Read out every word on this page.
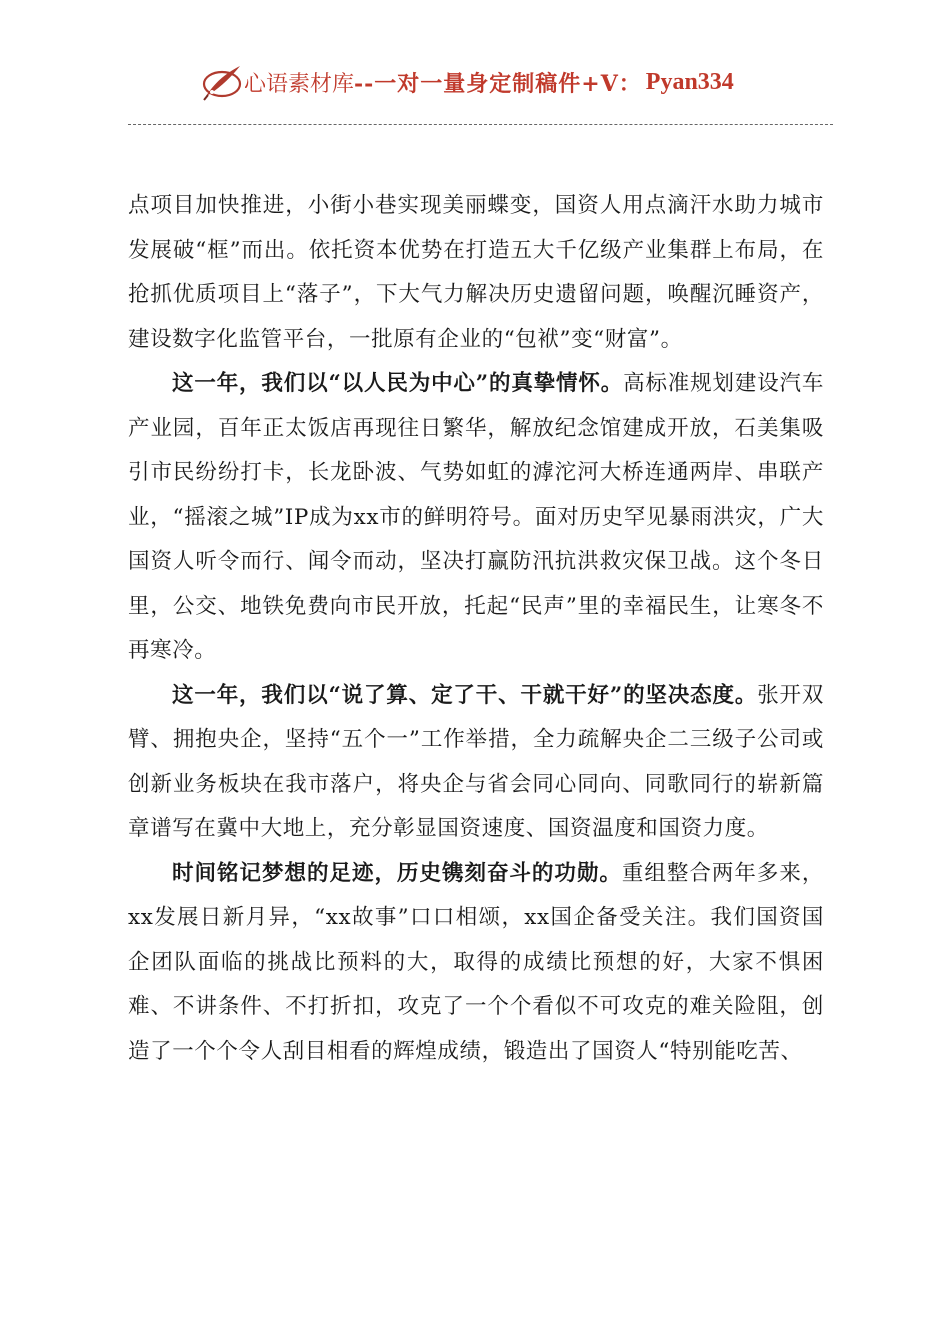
心语素材库 --一对一量身定制稿件+V： Pyan334

点项目加快推进，小街小巷实现美丽蝶变，国资人用点滴汗水助力城市发展破“框”而出。依托资本优势在打造五大千亿级产业集群上布局，在抢抓优质项目上“落子”，下大气力解决历史遗留问题，唤醒沉睡资产，建设数字化监管平台，一批原有企业的“包袱”变“财富”。

这一年，我们以“以人民为中心”的真挚情怀。高标准规划建设汽车产业园，百年正太饭店再现往日繁华，解放纪念馆建成开放，石美集吸引市民纷纷打卡，长龙卧波、气势如虹的滹沱河大桥连通两岸、串联产业，“摇滚之城”IP成为xx市的鲜明符号。面对历史罕见暴雨洪灾，广大国资人听令而行、闻令而动，坚决打赢防汛抗洪救灾保卫战。这个冬日里，公交、地铁免费向市民开放，托起“民声”里的幸福民生，让寒冬不再寒冷。

这一年，我们以“说了算、定了干、干就干好”的坚决态度。张开双臂、拥抱央企，坚持“五个一”工作举措，全力疏解央企二三级子公司或创新业务板块在我市落户，将央企与省会同心同向、同歌同行的崭新篇章谱写在冀中大地上，充分彰显国资速度、国资温度和国资力度。

时间铭记梦想的足迹，历史镌刻奋斗的功勋。重组整合两年多来，xx发展日新月异，“xx故事”口口相颂，xx国企备受关注。我们国资国企团队面临的挑战比预料的大，取得的成绩比预想的好，大家不惧困难、不讲条件、不打折扣，攻克了一个个看似不可攻克的难关险阻，创造了一个个令人刮目相看的辉煌成绩，锻造出了国资人“特别能吃苦、
